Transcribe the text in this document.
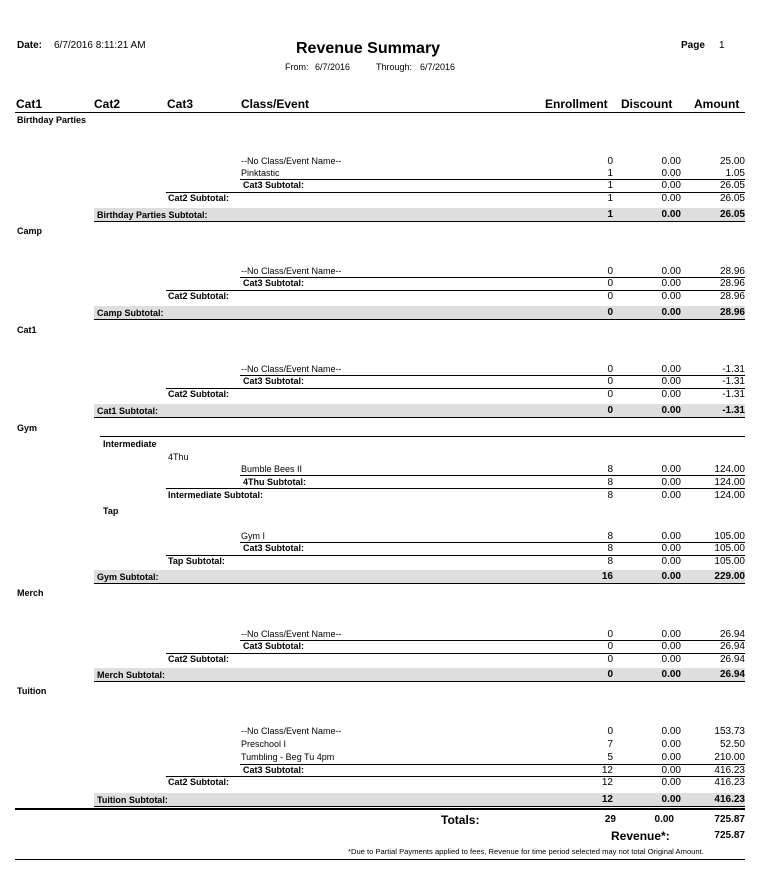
Date: 6/7/2016 8:11:21 AM	Revenue Summary
From: 6/7/2016	Through: 6/7/2016
Page 1
Cat1	Cat2	Cat3	Class/Event	Enrollment Discount Amount
Birthday Parties
--No Class/Event Name--	0	0.00	25.00
Pinktastic	1	0.00	1.05
Cat3 Subtotal:	1	0.00	26.05
Cat2 Subtotal:	1	0.00	26.05
Birthday Parties Subtotal:	1	0.00	26.05
Camp
--No Class/Event Name--	0	0.00	28.96
Cat3 Subtotal:	0	0.00	28.96
Cat2 Subtotal:	0	0.00	28.96
Camp Subtotal:	0	0.00	28.96
Cat1
--No Class/Event Name--	0	0.00	-1.31
Cat3 Subtotal:	0	0.00	-1.31
Cat2 Subtotal:	0	0.00	-1.31
Cat1 Subtotal:	0	0.00	-1.31
Gym
Intermediate
4Thu
Bumble Bees II	8	0.00	124.00
4Thu Subtotal:	8	0.00	124.00
Intermediate Subtotal:	8	0.00	124.00
Tap
Gym I	8	0.00	105.00
Cat3 Subtotal:	8	0.00	105.00
Tap Subtotal:	8	0.00	105.00
Gym Subtotal:	16	0.00	229.00
Merch
--No Class/Event Name--	0	0.00	26.94
Cat3 Subtotal:	0	0.00	26.94
Cat2 Subtotal:	0	0.00	26.94
Merch Subtotal:	0	0.00	26.94
Tuition
--No Class/Event Name--	0	0.00	153.73
Preschool I	7	0.00	52.50
Tumbling - Beg Tu 4pm	5	0.00	210.00
Cat3 Subtotal:	12	0.00	416.23
Cat2 Subtotal:	12	0.00	416.23
Tuition Subtotal:	12	0.00	416.23
Totals:	29	0.00	725.87
Revenue*:	725.87
*Due to Partial Payments applied to fees, Revenue for time period selected may not total Original Amount.
